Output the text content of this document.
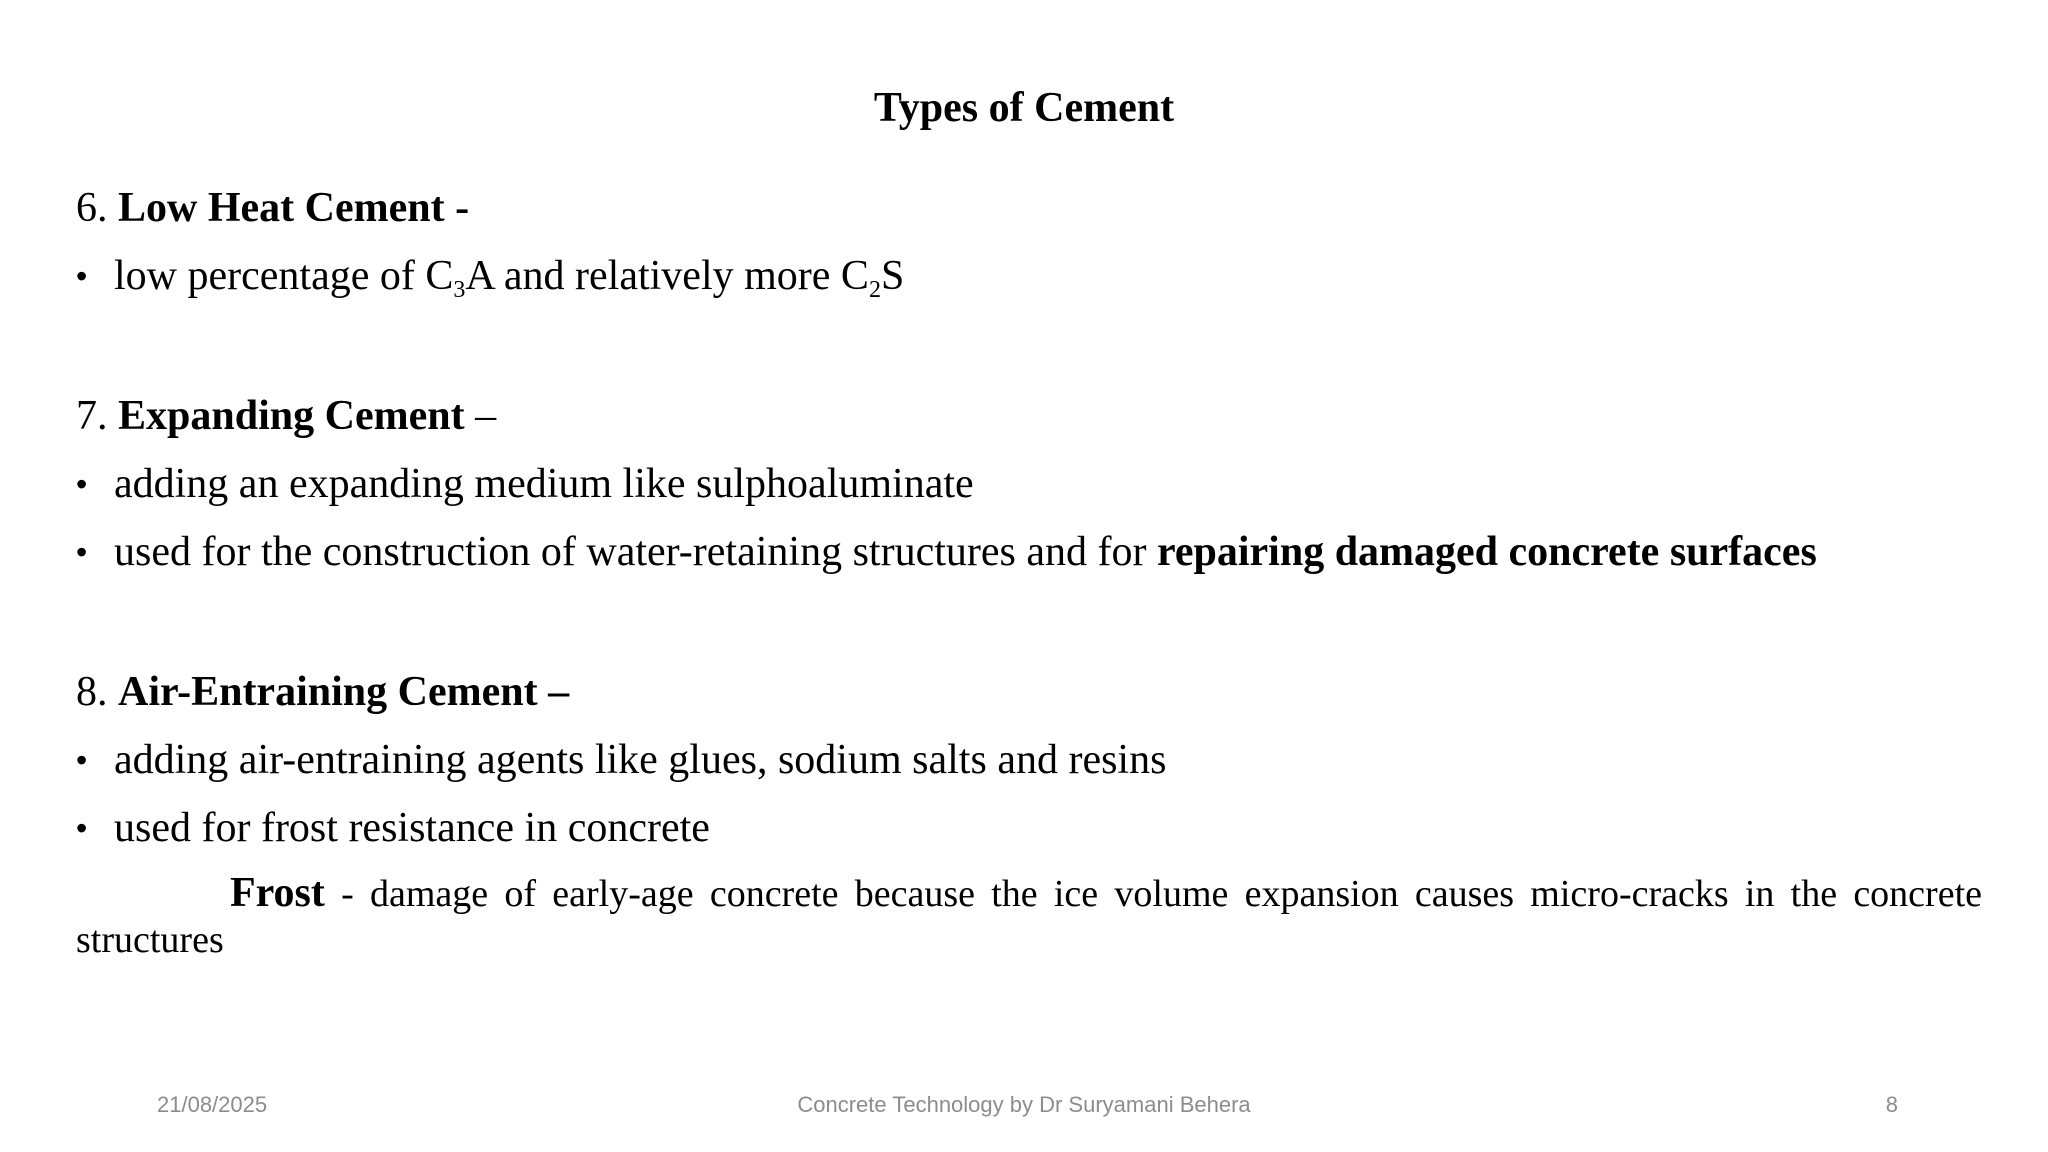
Types of Cement
6. Low Heat Cement -
• low percentage of $C_3A$ and relatively more $C_2S$
7. Expanding Cement –
• adding an expanding medium like sulphoaluminate
• used for the construction of water-retaining structures and for repairing damaged concrete surfaces
8. Air-Entraining Cement –
• adding air-entraining agents like glues, sodium salts and resins
• used for frost resistance in concrete
Frost - damage of early-age concrete because the ice volume expansion causes micro-cracks in the concrete structures
21/08/2025	Concrete Technology by Dr Suryamani Behera	8
